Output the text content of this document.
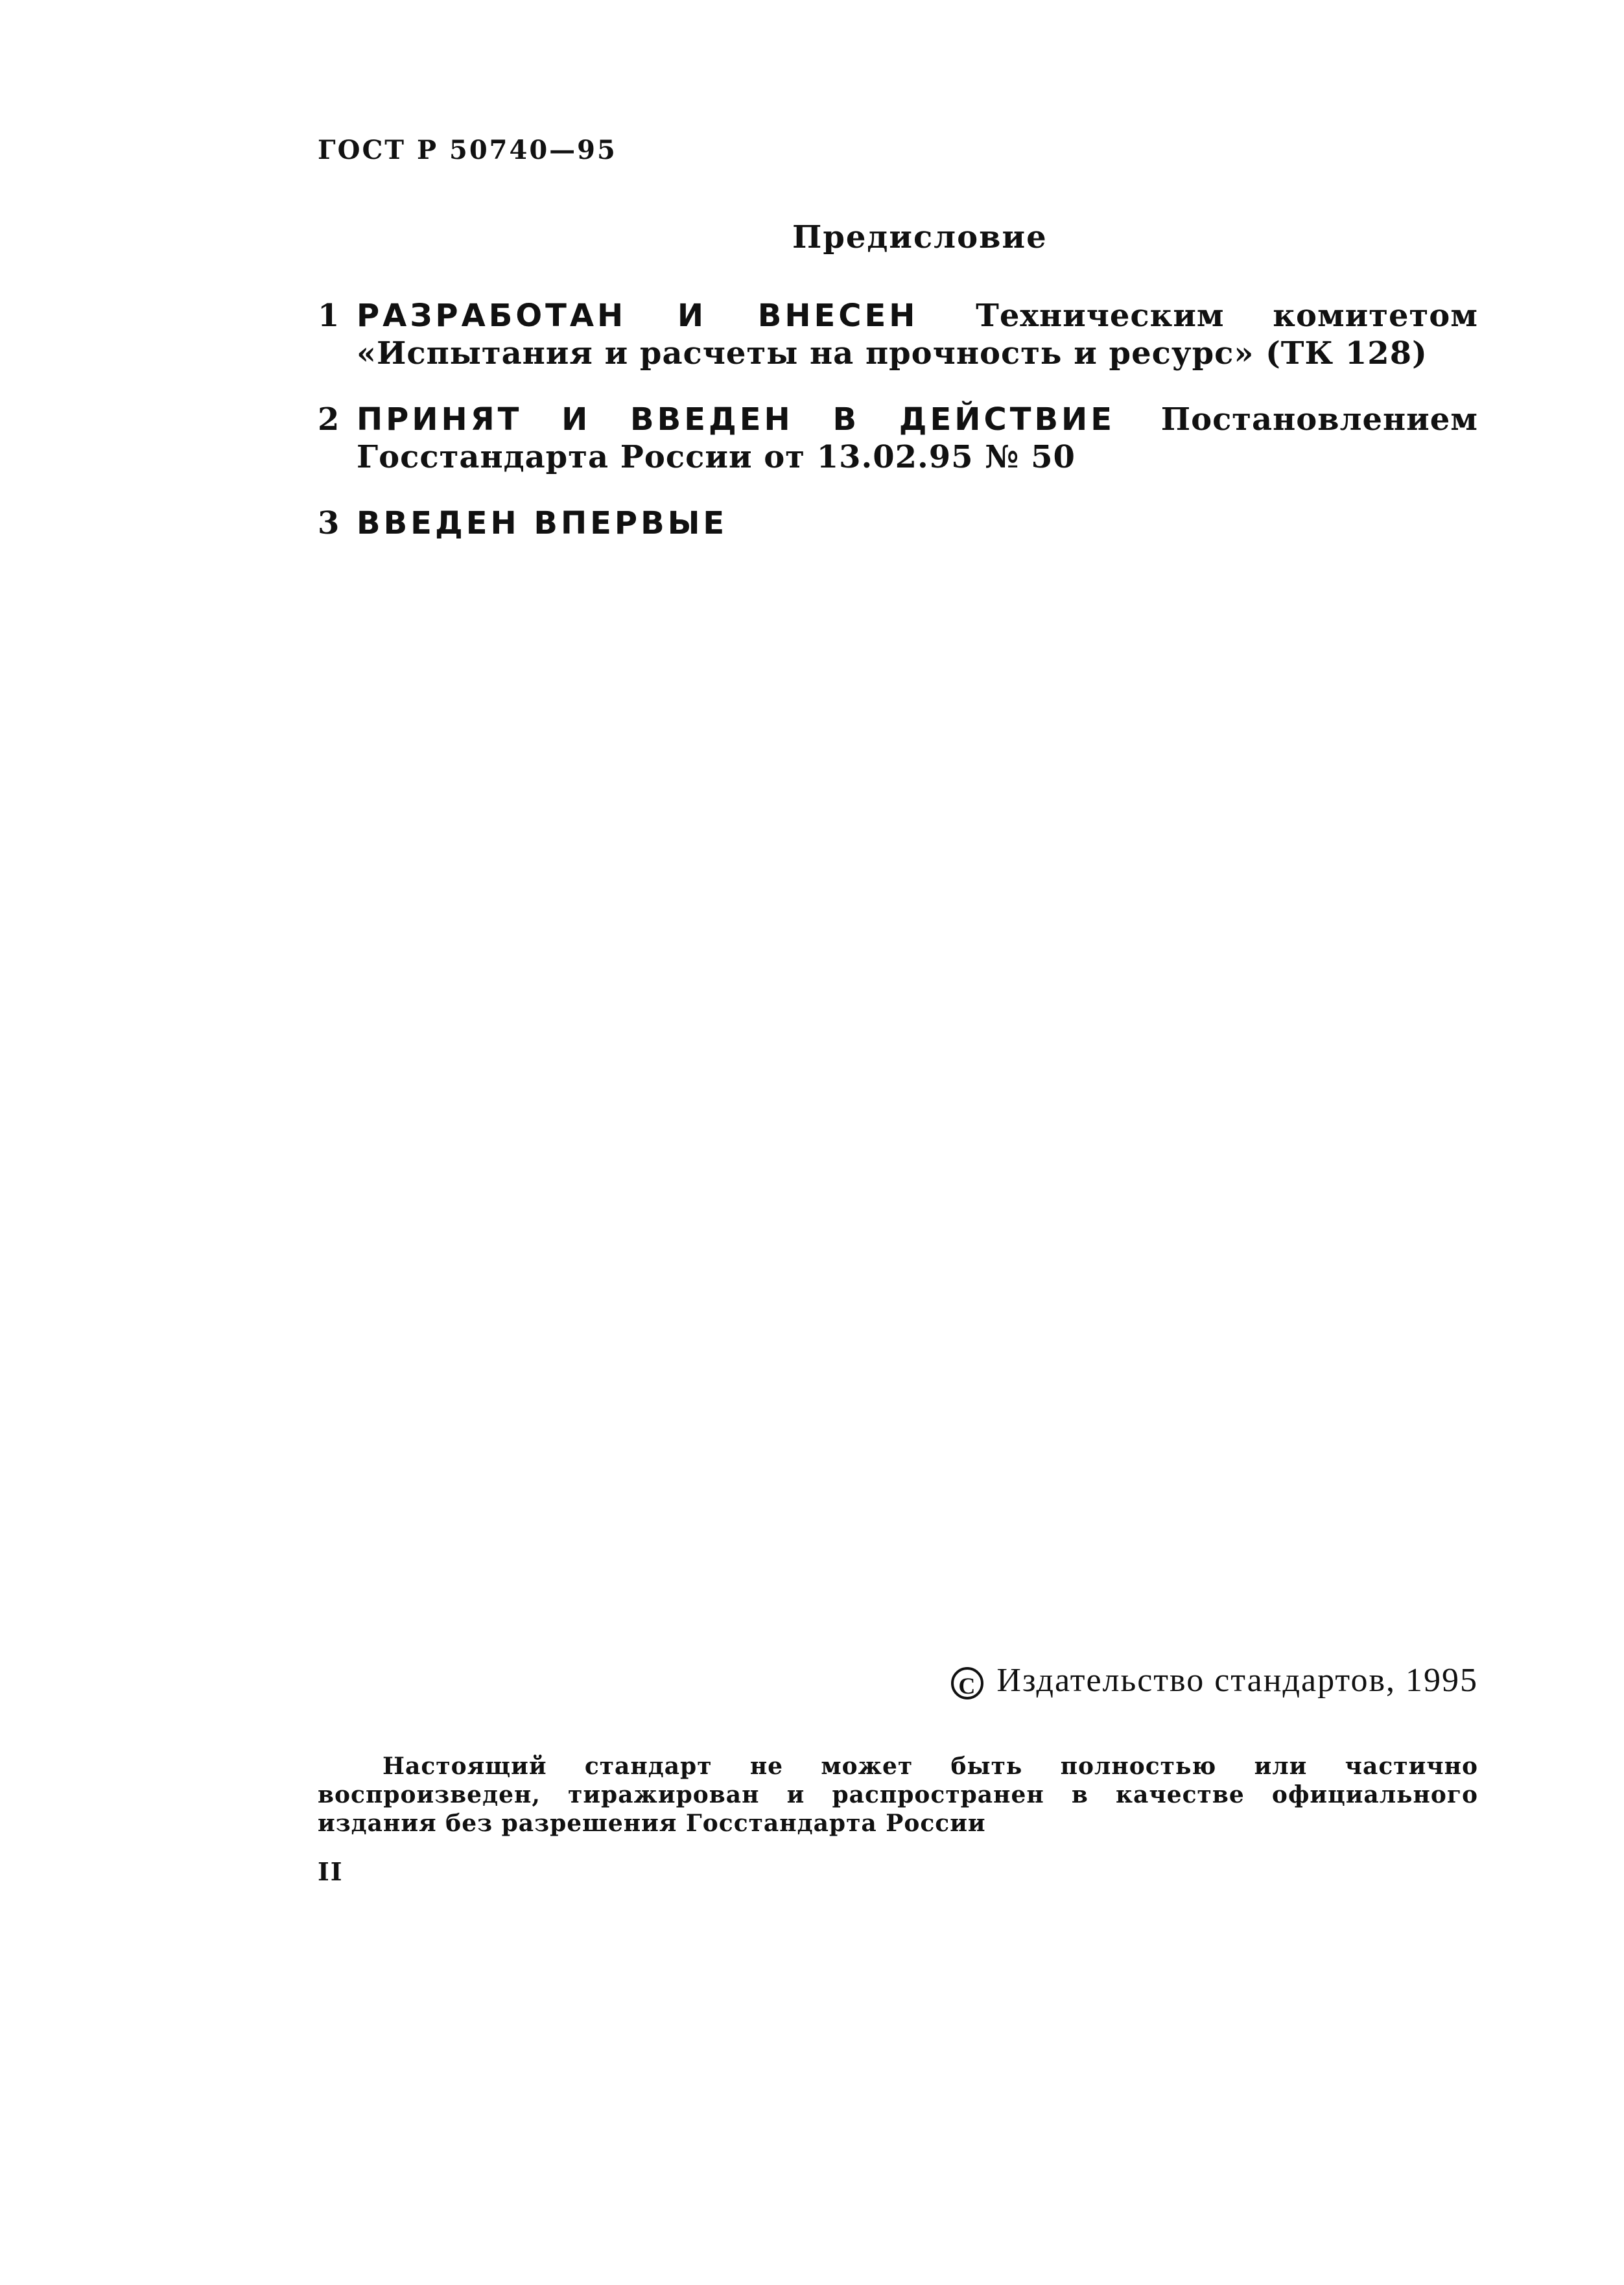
ГОСТ Р 50740—95
Предисловие
1 РАЗРАБОТАН И ВНЕСЕН Техническим комитетом «Испытания и расчеты на прочность и ресурс» (ТК 128)
2 ПРИНЯТ И ВВЕДЕН В ДЕЙСТВИЕ Постановлением Госстандарта России от 13.02.95 № 50
3 ВВЕДЕН ВПЕРВЫЕ
С Издательство стандартов, 1995
Настоящий стандарт не может быть полностью или частично воспроизведен, тиражирован и распространен в качестве официального издания без разрешения Госстандарта России
II
